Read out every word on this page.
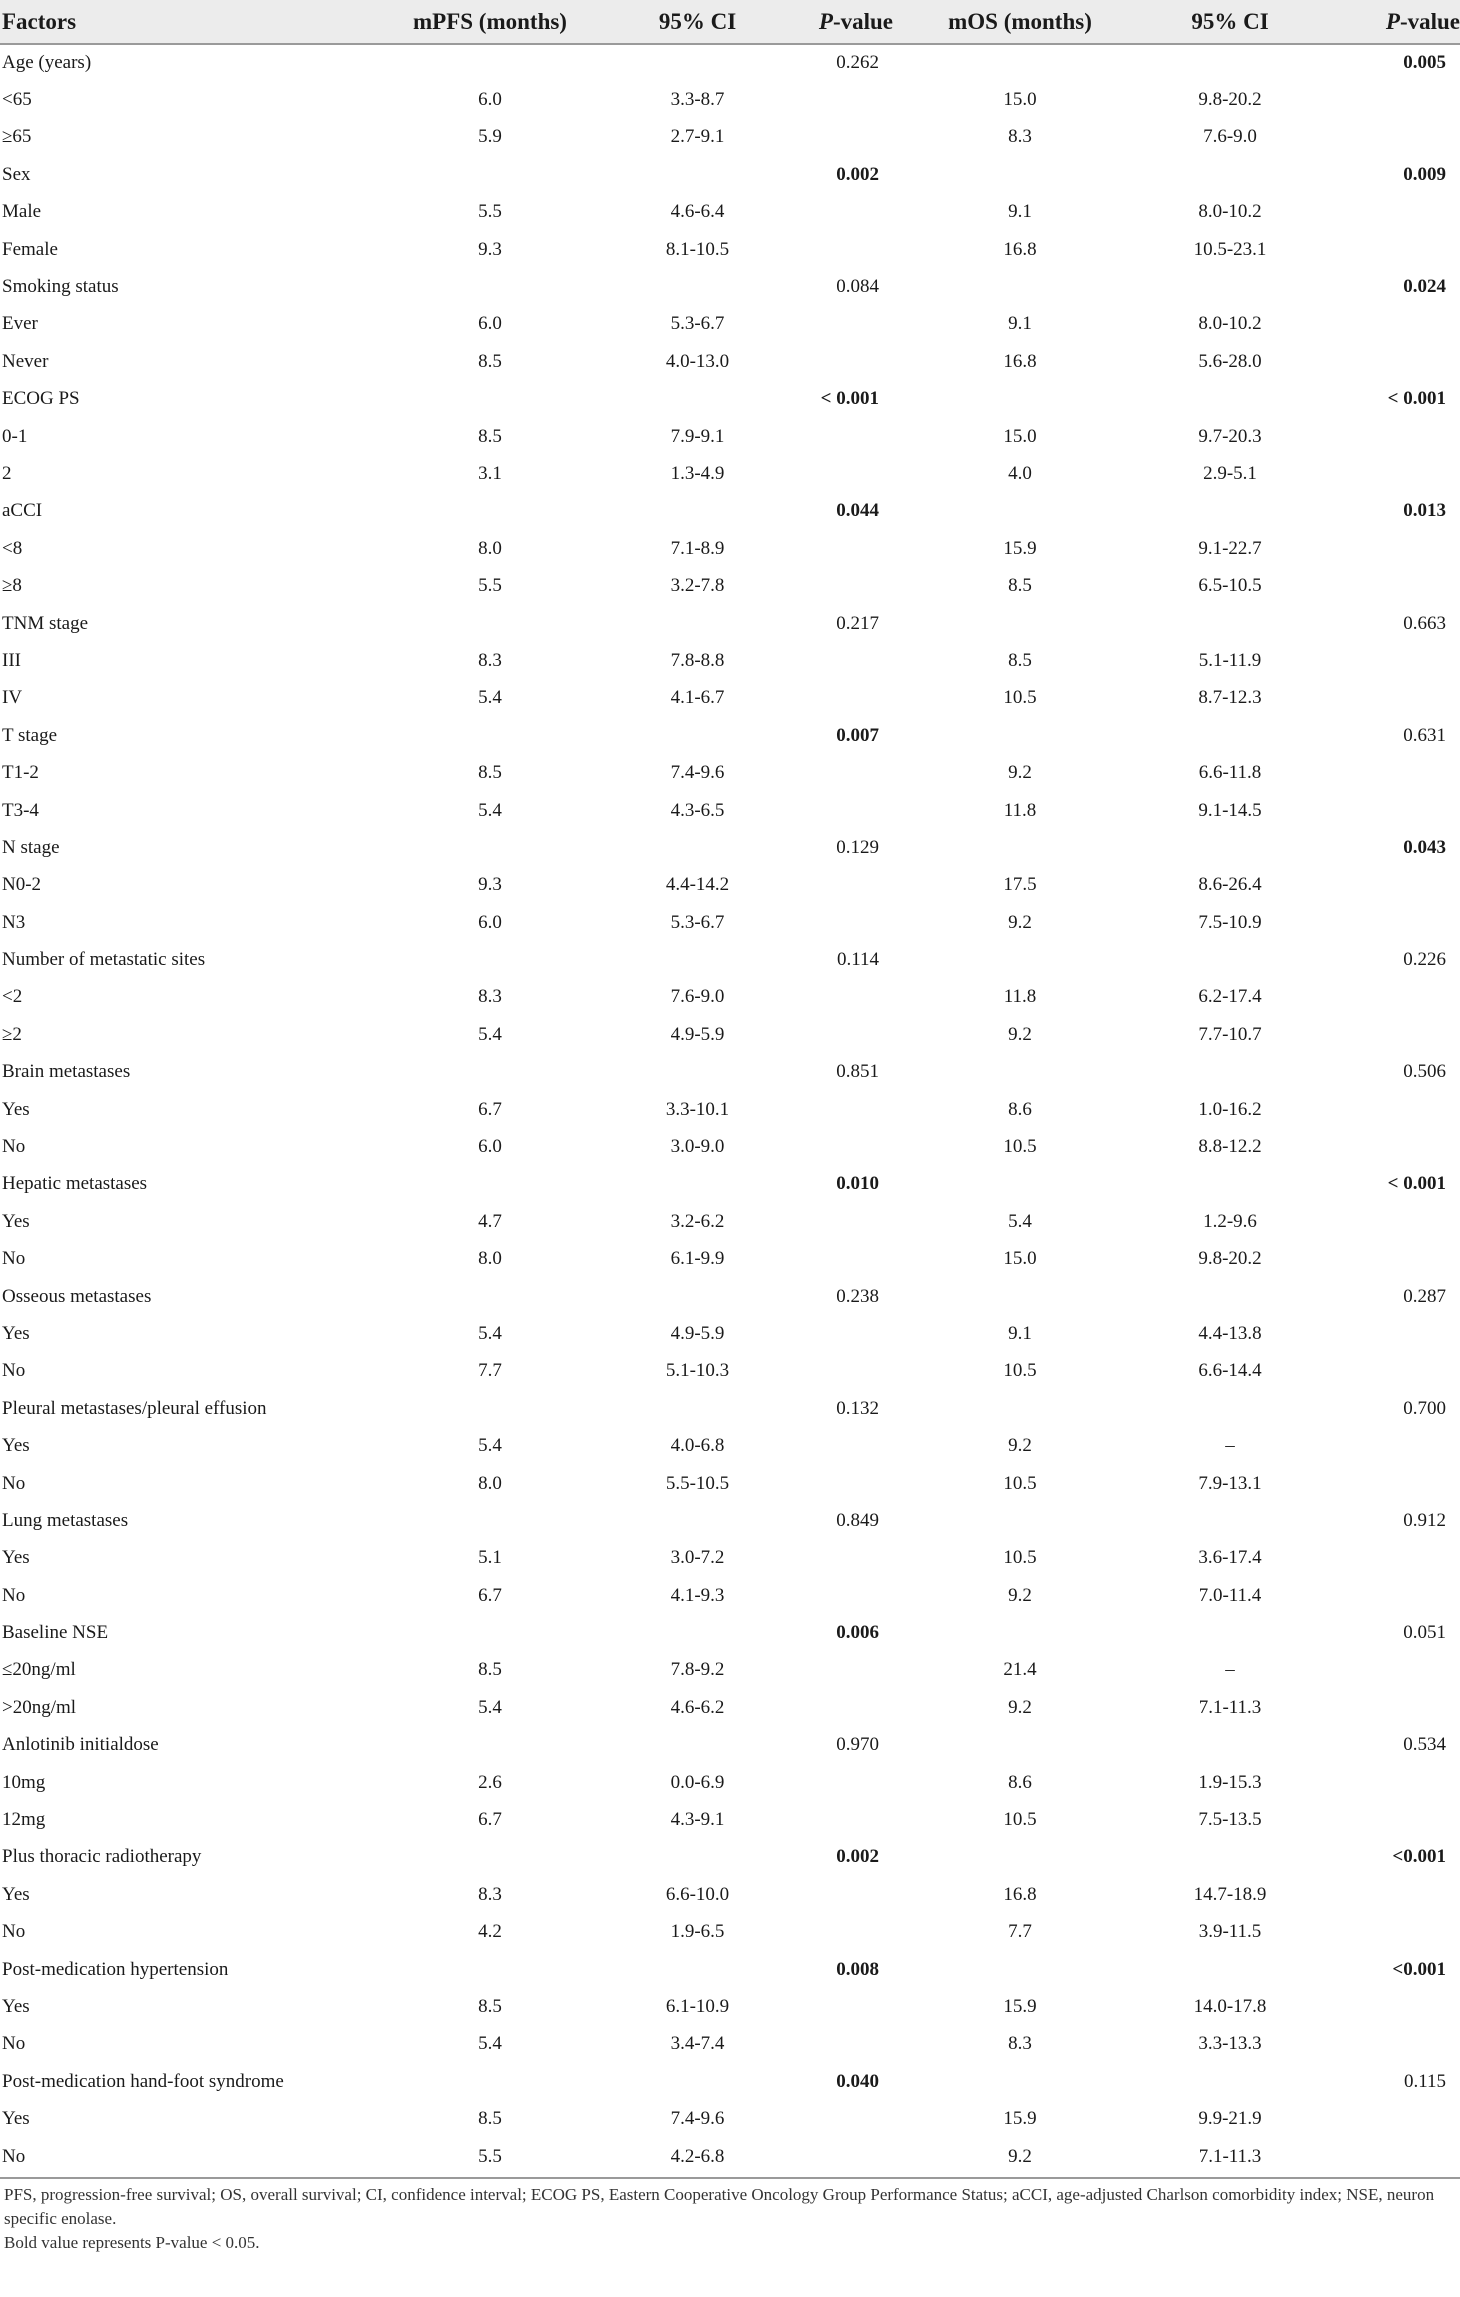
Factors	mPFS (months)	95% CI	P-value	mOS (months)	95% CI	P-value
Age (years)			0.262			0.005
<65	6.0	3.3-8.7		15.0	9.8-20.2	
≥65	5.9	2.7-9.1		8.3	7.6-9.0	
Sex			0.002			0.009
Male	5.5	4.6-6.4		9.1	8.0-10.2	
Female	9.3	8.1-10.5		16.8	10.5-23.1	
Smoking status			0.084			0.024
Ever	6.0	5.3-6.7		9.1	8.0-10.2	
Never	8.5	4.0-13.0		16.8	5.6-28.0	
ECOG PS			< 0.001			< 0.001
0-1	8.5	7.9-9.1		15.0	9.7-20.3	
2	3.1	1.3-4.9		4.0	2.9-5.1	
aCCI			0.044			0.013
<8	8.0	7.1-8.9		15.9	9.1-22.7	
≥8	5.5	3.2-7.8		8.5	6.5-10.5	
TNM stage			0.217			0.663
III	8.3	7.8-8.8		8.5	5.1-11.9	
IV	5.4	4.1-6.7		10.5	8.7-12.3	
T stage			0.007			0.631
T1-2	8.5	7.4-9.6		9.2	6.6-11.8	
T3-4	5.4	4.3-6.5		11.8	9.1-14.5	
N stage			0.129			0.043
N0-2	9.3	4.4-14.2		17.5	8.6-26.4	
N3	6.0	5.3-6.7		9.2	7.5-10.9	
Number of metastatic sites			0.114			0.226
<2	8.3	7.6-9.0		11.8	6.2-17.4	
≥2	5.4	4.9-5.9		9.2	7.7-10.7	
Brain metastases			0.851			0.506
Yes	6.7	3.3-10.1		8.6	1.0-16.2	
No	6.0	3.0-9.0		10.5	8.8-12.2	
Hepatic metastases			0.010			< 0.001
Yes	4.7	3.2-6.2		5.4	1.2-9.6	
No	8.0	6.1-9.9		15.0	9.8-20.2	
Osseous metastases			0.238			0.287
Yes	5.4	4.9-5.9		9.1	4.4-13.8	
No	7.7	5.1-10.3		10.5	6.6-14.4	
Pleural metastases/pleural effusion			0.132			0.700
Yes	5.4	4.0-6.8		9.2	–	
No	8.0	5.5-10.5		10.5	7.9-13.1	
Lung metastases			0.849			0.912
Yes	5.1	3.0-7.2		10.5	3.6-17.4	
No	6.7	4.1-9.3		9.2	7.0-11.4	
Baseline NSE			0.006			0.051
≤20ng/ml	8.5	7.8-9.2		21.4	–	
>20ng/ml	5.4	4.6-6.2		9.2	7.1-11.3	
Anlotinib initialdose			0.970			0.534
10mg	2.6	0.0-6.9		8.6	1.9-15.3	
12mg	6.7	4.3-9.1		10.5	7.5-13.5	
Plus thoracic radiotherapy			0.002			<0.001
Yes	8.3	6.6-10.0		16.8	14.7-18.9	
No	4.2	1.9-6.5		7.7	3.9-11.5	
Post-medication hypertension			0.008			<0.001
Yes	8.5	6.1-10.9		15.9	14.0-17.8	
No	5.4	3.4-7.4		8.3	3.3-13.3	
Post-medication hand-foot syndrome			0.040			0.115
Yes	8.5	7.4-9.6		15.9	9.9-21.9	
No	5.5	4.2-6.8		9.2	7.1-11.3	
PFS, progression-free survival; OS, overall survival; CI, confidence interval; ECOG PS, Eastern Cooperative Oncology Group Performance Status; aCCI, age-adjusted Charlson comorbidity index; NSE, neuron specific enolase.
Bold value represents P-value < 0.05.
